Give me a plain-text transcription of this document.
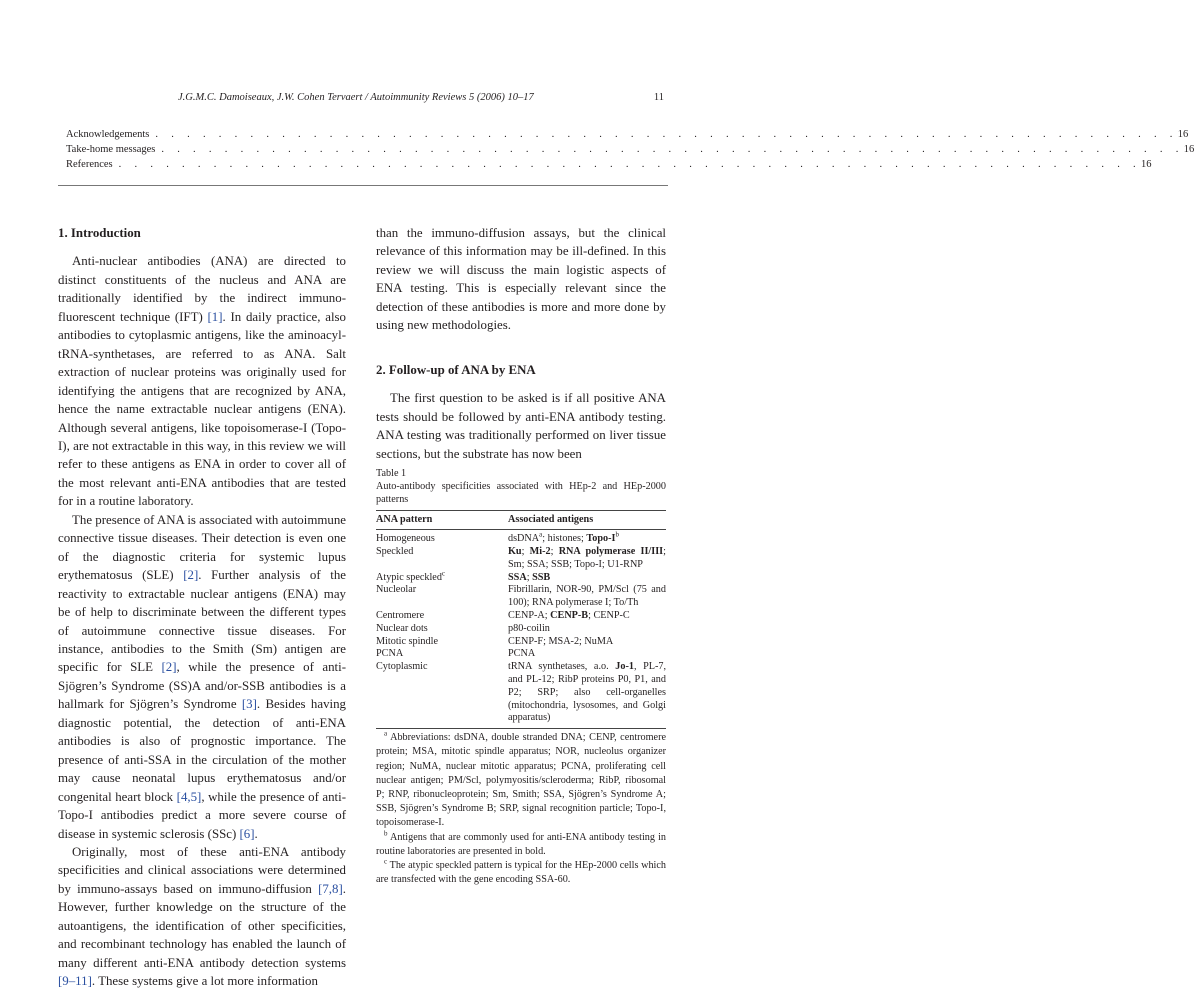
J.G.M.C. Damoiseaux, J.W. Cohen Tervaert / Autoimmunity Reviews 5 (2006) 10–17	11
Acknowledgements . . . . . . . . . . . . . . . . . . . . . . . . . . . . . . . . . . . . . . . . . . . . . . . . . . . . . . . . . . . . . . . . . 16
Take-home messages . . . . . . . . . . . . . . . . . . . . . . . . . . . . . . . . . . . . . . . . . . . . . . . . . . . . . . . . . . . . . . . . . 16
References . . . . . . . . . . . . . . . . . . . . . . . . . . . . . . . . . . . . . . . . . . . . . . . . . . . . . . . . . . . . . . . . . 16

1. Introduction

Anti-nuclear antibodies (ANA) are directed to distinct constituents of the nucleus and ANA are traditionally identified by the indirect immuno-fluorescent technique (IFT) [1]. In daily practice, also antibodies to cytoplasmic antigens, like the aminoacyl-tRNA-synthetases, are referred to as ANA. Salt extraction of nuclear proteins was originally used for identifying the antigens that are recognized by ANA, hence the name extractable nuclear antigens (ENA). Although several antigens, like topoisomerase-I (Topo-I), are not extractable in this way, in this review we will refer to these antigens as ENA in order to cover all of the most relevant anti-ENA antibodies that are tested for in a routine laboratory.

The presence of ANA is associated with autoimmune connective tissue diseases. Their detection is even one of the diagnostic criteria for systemic lupus erythematosus (SLE) [2]. Further analysis of the reactivity to extractable nuclear antigens (ENA) may be of help to discriminate between the different types of autoimmune connective tissue diseases. For instance, antibodies to the Smith (Sm) antigen are specific for SLE [2], while the presence of anti-Sjögren’s Syndrome (SS)A and/or-SSB antibodies is a hallmark for Sjögren’s Syndrome [3]. Besides having diagnostic potential, the detection of anti-ENA antibodies is also of prognostic importance. The presence of anti-SSA in the circulation of the mother may cause neonatal lupus erythematosus and/or congenital heart block [4,5], while the presence of anti-Topo-I antibodies predict a more severe course of disease in systemic sclerosis (SSc) [6].

Originally, most of these anti-ENA antibody specificities and clinical associations were determined by immuno-assays based on immuno-diffusion [7,8]. However, further knowledge on the structure of the autoantigens, the identification of other specificities, and recombinant technology has enabled the launch of many different anti-ENA antibody detection systems [9–11]. These systems give a lot more information

than the immuno-diffusion assays, but the clinical relevance of this information may be ill-defined. In this review we will discuss the main logistic aspects of ENA testing. This is especially relevant since the detection of these antibodies is more and more done by using new methodologies.

2. Follow-up of ANA by ENA

The first question to be asked is if all positive ANA tests should be followed by anti-ENA antibody testing. ANA testing was traditionally performed on liver tissue sections, but the substrate has now been

Table 1
Auto-antibody specificities associated with HEp-2 and HEp-2000 patterns
ANA pattern	Associated antigens
Homogeneous	dsDNA$^a$; histones; Topo-$I^b$
Speckled	Ku; Mi-2; RNA polymerase II/III; Sm; SSA; SSB; Topo-I; U1-RNP
Atypic speckled$^c$	SSA; SSB
Nucleolar	Fibrillarin, NOR-90, PM/Scl (75 and 100); RNA polymerase I; To/Th
Centromere	CENP-A; CENP-B; CENP-C
Nuclear dots	p80-coilin
Mitotic spindle	CENP-F; MSA-2; NuMA
PCNA	PCNA
Cytoplasmic	tRNA synthetases, a.o. Jo-1, PL-7, and PL-12; RibP proteins P0, P1, and P2; SRP; also cell-organelles (mitochondria, lysosomes, and Golgi apparatus)

$^a$ Abbreviations: dsDNA, double stranded DNA; CENP, centromere protein; MSA, mitotic spindle apparatus; NOR, nucleolus organizer region; NuMA, nuclear mitotic apparatus; PCNA, proliferating cell nuclear antigen; PM/Scl, polymyositis/scleroderma; RibP, ribosomal P; RNP, ribonucleoprotein; Sm, Smith; SSA, Sjögren’s Syndrome A; SSB, Sjögren’s Syndrome B; SRP, signal recognition particle; Topo-I, topoisomerase-I.

$^b$ Antigens that are commonly used for anti-ENA antibody testing in routine laboratories are presented in bold.

$^c$ The atypic speckled pattern is typical for the HEp-2000 cells which are transfected with the gene encoding SSA-60.
